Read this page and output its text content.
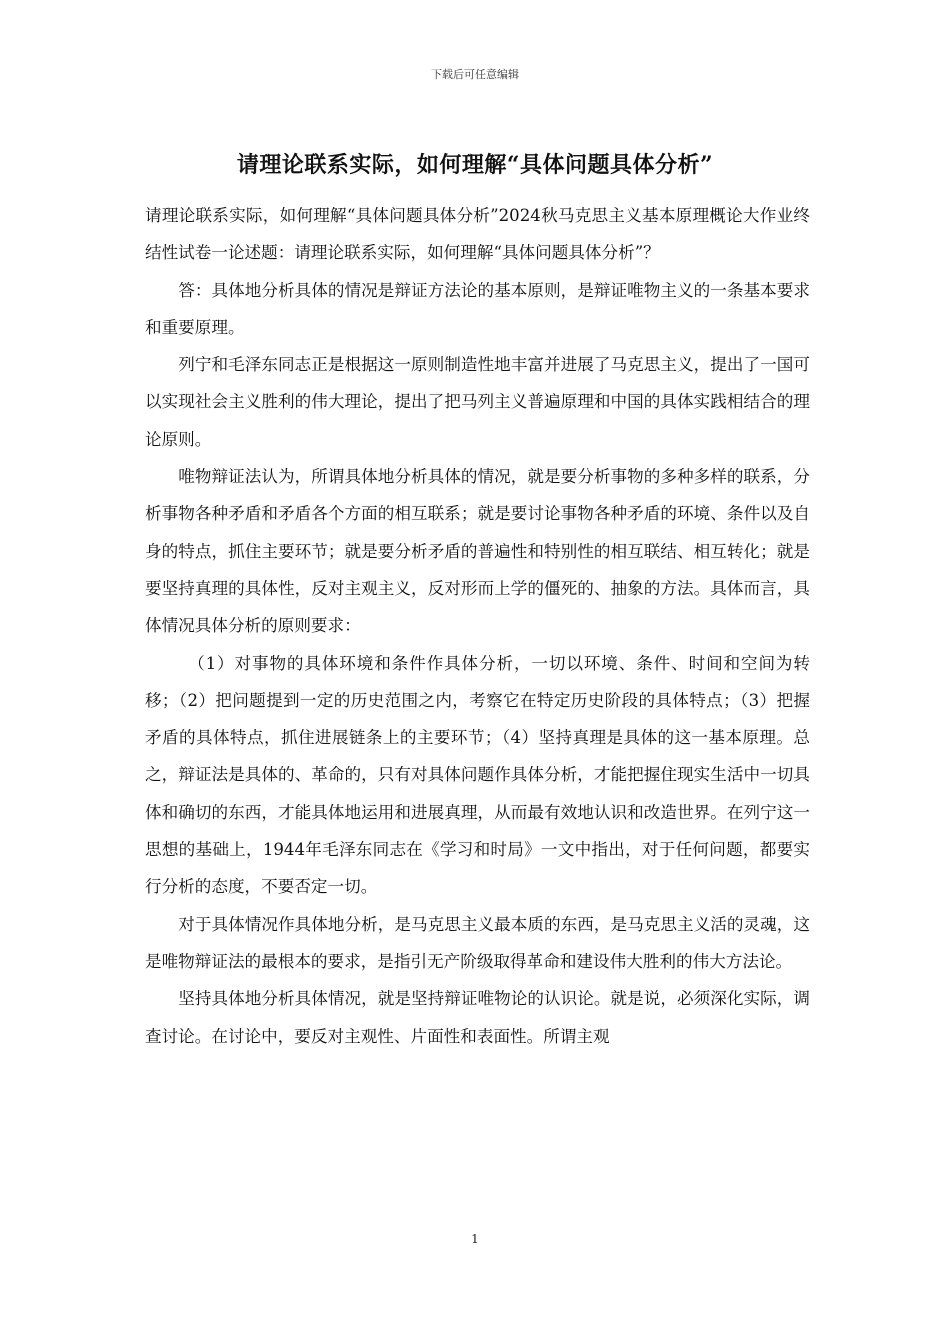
下载后可任意编辑
请理论联系实际，如何理解“具体问题具体分析”

请理论联系实际，如何理解“具体问题具体分析”2024秋马克思主义基本原理概论大作业终结性试卷一论述题：请理论联系实际，如何理解“具体问题具体分析”？

答：具体地分析具体的情况是辩证方法论的基本原则，是辩证唯物主义的一条基本要求和重要原理。

列宁和毛泽东同志正是根据这一原则制造性地丰富并进展了马克思主义，提出了一国可以实现社会主义胜利的伟大理论，提出了把马列主义普遍原理和中国的具体实践相结合的理论原则。

唯物辩证法认为，所谓具体地分析具体的情况，就是要分析事物的多种多样的联系，分析事物各种矛盾和矛盾各个方面的相互联系；就是要讨论事物各种矛盾的环境、条件以及自身的特点，抓住主要环节；就是要分析矛盾的普遍性和特别性的相互联结、相互转化；就是要坚持真理的具体性，反对主观主义，反对形而上学的僵死的、抽象的方法。具体而言，具体情况具体分析的原则要求：

（1）对事物的具体环境和条件作具体分析，一切以环境、条件、时间和空间为转移；（2）把问题提到一定的历史范围之内，考察它在特定历史阶段的具体特点；（3）把握矛盾的具体特点，抓住进展链条上的主要环节；（4）坚持真理是具体的这一基本原理。总之，辩证法是具体的、革命的，只有对具体问题作具体分析，才能把握住现实生活中一切具体和确切的东西，才能具体地运用和进展真理，从而最有效地认识和改造世界。在列宁这一思想的基础上，1944年毛泽东同志在《学习和时局》一文中指出，对于任何问题，都要实行分析的态度，不要否定一切。

对于具体情况作具体地分析，是马克思主义最本质的东西，是马克思主义活的灵魂，这是唯物辩证法的最根本的要求，是指引无产阶级取得革命和建设伟大胜利的伟大方法论。

坚持具体地分析具体情况，就是坚持辩证唯物论的认识论。就是说，必须深化实际，调查讨论。在讨论中，要反对主观性、片面性和表面性。所谓主观

1
